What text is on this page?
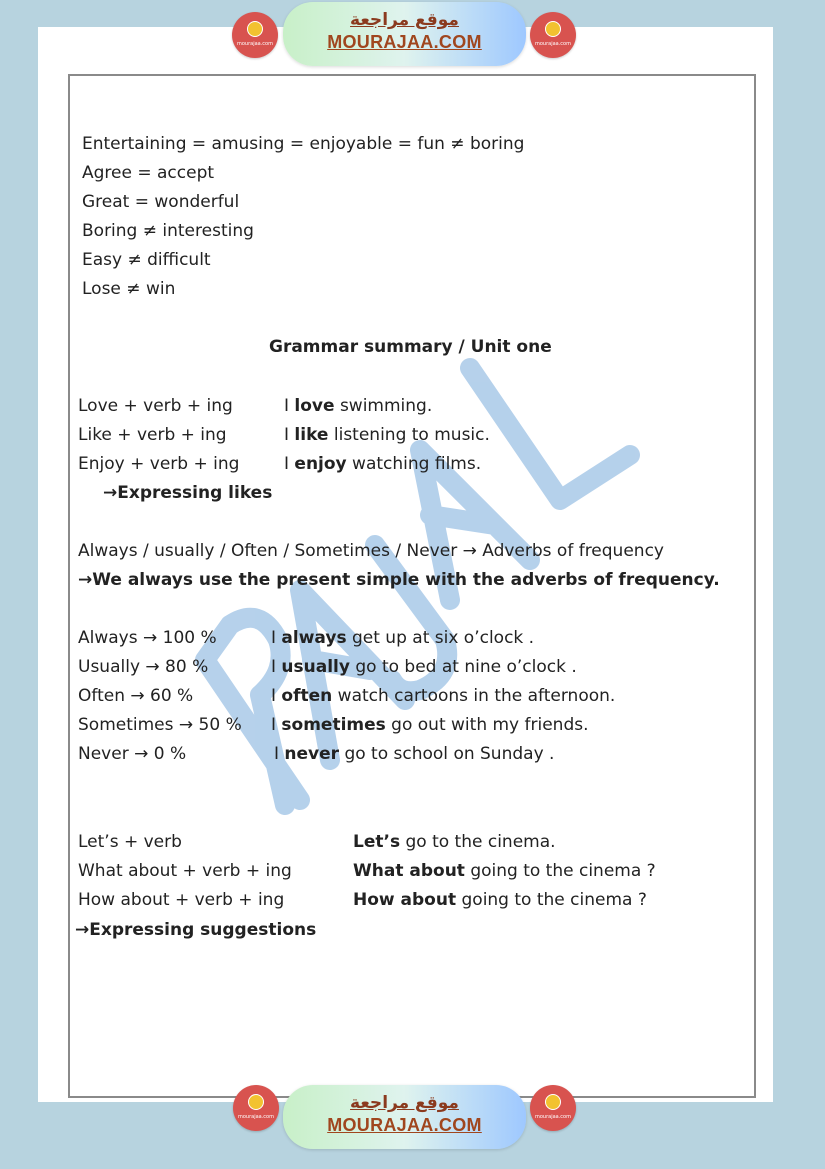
mourajaa.com
موقع مراجعة
MOURAJAA.COM	mourajaa.com
Entertaining = amusing = enjoyable = fun ≠ boring
Agree = accept
Great = wonderful
Boring ≠ interesting
Easy ≠ difficult
Lose ≠ win
Grammar summary / Unit one
Love + verb + ing	I love swimming.
Like + verb + ing	I like listening to music.
Enjoy + verb + ing	I enjoy watching films.
→Expressing likes
Always / usually / Often / Sometimes / Never → Adverbs of frequency
→We always use the present simple with the adverbs of frequency.
Always → 100 %	I always get up at six o’clock .
Usually → 80 %	I usually go to bed at nine o’clock .
Often → 60 %	I often watch cartoons in the afternoon.
Sometimes → 50 % I sometimes go out with my friends.
Never → 0 %	I never go to school on Sunday .
Let’s + verb	Let’s go to the cinema.
What about + verb + ing	What about going to the cinema ?
How about + verb + ing	How about going to the cinema ?
→Expressing suggestions
mourajaa.com
موقع مراجعة
MOURAJAA.COM	mourajaa.com
